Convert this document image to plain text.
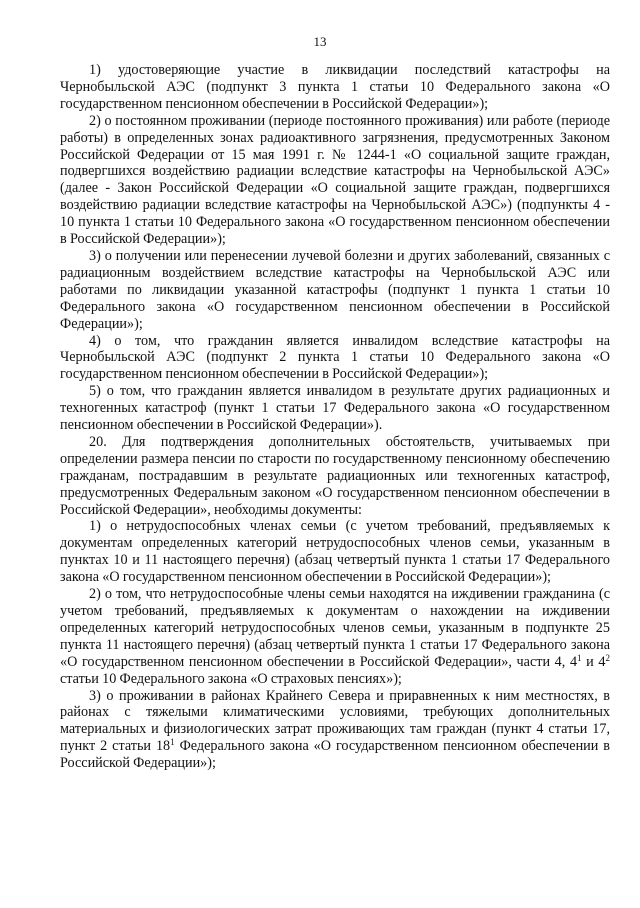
13

1) удостоверяющие участие в ликвидации последствий катастрофы на Чернобыльской АЭС (подпункт 3 пункта 1 статьи 10 Федерального закона «О государственном пенсионном обеспечении в Российской Федерации»);

2) о постоянном проживании (периоде постоянного проживания) или работе (периоде работы) в определенных зонах радиоактивного загрязнения, предусмотренных Законом Российской Федерации от 15 мая 1991 г. № 1244-1 «О социальной защите граждан, подвергшихся воздействию радиации вследствие катастрофы на Чернобыльской АЭС» (далее - Закон Российской Федерации «О социальной защите граждан, подвергшихся воздействию радиации вследствие катастрофы на Чернобыльской АЭС») (подпункты 4 - 10 пункта 1 статьи 10 Федерального закона «О государственном пенсионном обеспечении в Российской Федерации»);

3) о получении или перенесении лучевой болезни и других заболеваний, связанных с радиационным воздействием вследствие катастрофы на Чернобыльской АЭС или работами по ликвидации указанной катастрофы (подпункт 1 пункта 1 статьи 10 Федерального закона «О государственном пенсионном обеспечении в Российской Федерации»);

4) о том, что гражданин является инвалидом вследствие катастрофы на Чернобыльской АЭС (подпункт 2 пункта 1 статьи 10 Федерального закона «О государственном пенсионном обеспечении в Российской Федерации»);

5) о том, что гражданин является инвалидом в результате других радиационных и техногенных катастроф (пункт 1 статьи 17 Федерального закона «О государственном пенсионном обеспечении в Российской Федерации»).

20. Для подтверждения дополнительных обстоятельств, учитываемых при определении размера пенсии по старости по государственному пенсионному обеспечению гражданам, пострадавшим в результате радиационных или техногенных катастроф, предусмотренных Федеральным законом «О государственном пенсионном обеспечении в Российской Федерации», необходимы документы:

1) о нетрудоспособных членах семьи (с учетом требований, предъявляемых к документам определенных категорий нетрудоспособных членов семьи, указанным в пунктах 10 и 11 настоящего перечня) (абзац четвертый пункта 1 статьи 17 Федерального закона «О государственном пенсионном обеспечении в Российской Федерации»);

2) о том, что нетрудоспособные члены семьи находятся на иждивении гражданина (с учетом требований, предъявляемых к документам о нахождении на иждивении определенных категорий нетрудоспособных членов семьи, указанным в подпункте 25 пункта 11 настоящего перечня) (абзац четвертый пункта 1 статьи 17 Федерального закона «О государственном пенсионном обеспечении в Российской Федерации», части 4, $4^1$ и $4^2$ статьи 10 Федерального закона «О страховых пенсиях»);

3) о проживании в районах Крайнего Севера и приравненных к ним местностях, в районах с тяжелыми климатическими условиями, требующих дополнительных материальных и физиологических затрат проживающих там граждан (пункт 4 статьи 17, пункт 2 статьи $18^1$ Федерального закона «О государственном пенсионном обеспечении в Российской Федерации»);
